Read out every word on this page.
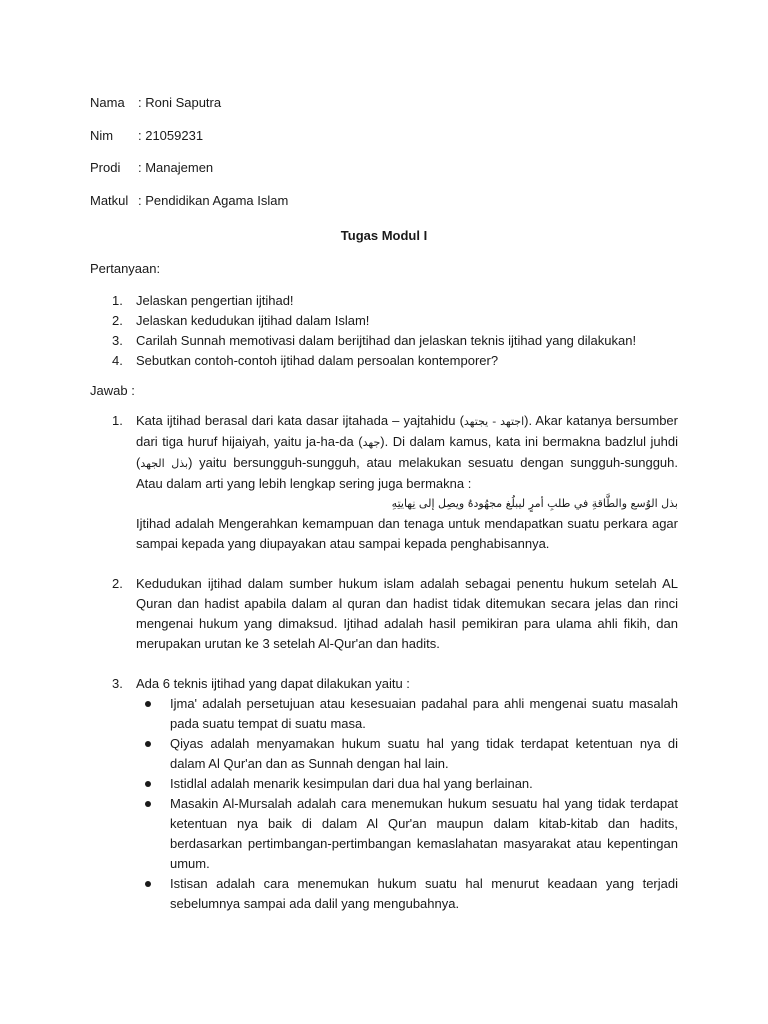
Nama : Roni Saputra
Nim : 21059231
Prodi : Manajemen
Matkul : Pendidikan Agama Islam
Tugas Modul I
Pertanyaan:
1. Jelaskan pengertian ijtihad!
2. Jelaskan kedudukan ijtihad dalam Islam!
3. Carilah Sunnah memotivasi dalam berijtihad dan jelaskan teknis ijtihad yang dilakukan!
4. Sebutkan contoh-contoh ijtihad dalam persoalan kontemporer?
Jawab :
1. Kata ijtihad berasal dari kata dasar ijtahada – yajtahidu (اجتهد - يجتهد). Akar katanya bersumber dari tiga huruf hijaiyah, yaitu ja-ha-da (جهد). Di dalam kamus, kata ini bermakna badzlul juhdi (بذل الجهد) yaitu bersungguh-sungguh, atau melakukan sesuatu dengan sungguh-sungguh. Atau dalam arti yang lebih lengkap sering juga bermakna :
بذل الوُسع والطَّاقةِ في طلبِ أمرٍ ليبلُغ مجهُودهُ ويصِل إلى نِهايتِهِ
Ijtihad adalah Mengerahkan kemampuan dan tenaga untuk mendapatkan suatu perkara agar sampai kepada yang diupayakan atau sampai kepada penghabisannya.
2. Kedudukan ijtihad dalam sumber hukum islam adalah sebagai penentu hukum setelah AL Quran dan hadist apabila dalam al quran dan hadist tidak ditemukan secara jelas dan rinci mengenai hukum yang dimaksud. Ijtihad adalah hasil pemikiran para ulama ahli fikih, dan merupakan urutan ke 3 setelah Al-Qur'an dan hadits.
3. Ada 6 teknis ijtihad yang dapat dilakukan yaitu :
Ijma' adalah persetujuan atau kesesuaian padahal para ahli mengenai suatu masalah pada suatu tempat di suatu masa.
Qiyas adalah menyamakan hukum suatu hal yang tidak terdapat ketentuan nya di dalam Al Qur'an dan as Sunnah dengan hal lain.
Istidlal adalah menarik kesimpulan dari dua hal yang berlainan.
Masakin Al-Mursalah adalah cara menemukan hukum sesuatu hal yang tidak terdapat ketentuan nya baik di dalam Al Qur'an maupun dalam kitab-kitab dan hadits, berdasarkan pertimbangan-pertimbangan kemaslahatan masyarakat atau kepentingan umum.
Istisan adalah cara menemukan hukum suatu hal menurut keadaan yang terjadi sebelumnya sampai ada dalil yang mengubahnya.
